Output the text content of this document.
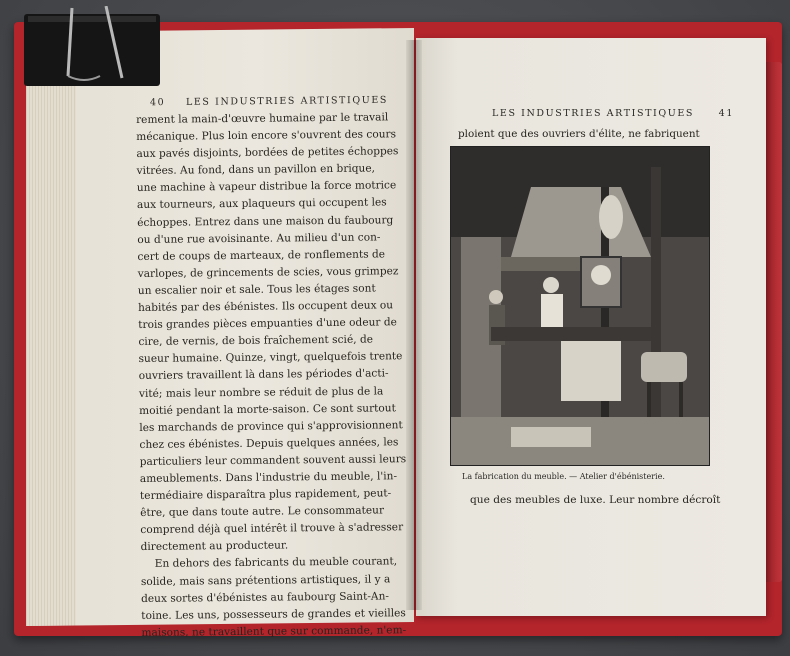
40 LES INDUSTRIES ARTISTIQUES
rement la main-d'œuvre humaine par le travail
mécanique. Plus loin encore s'ouvrent des cours
aux pavés disjoints, bordées de petites échoppes
vitrées. Au fond, dans un pavillon en brique,
une machine à vapeur distribue la force motrice
aux tourneurs, aux plaqueurs qui occupent les
échoppes. Entrez dans une maison du faubourg
ou d'une rue avoisinante. Au milieu d'un con-
cert de coups de marteaux, de ronflements de
varlopes, de grincements de scies, vous grimpez
un escalier noir et sale. Tous les étages sont
habités par des ébénistes. Ils occupent deux ou
trois grandes pièces empuanties d'une odeur de
cire, de vernis, de bois fraîchement scié, de
sueur humaine. Quinze, vingt, quelquefois trente
ouvriers travaillent là dans les périodes d'acti-
vité; mais leur nombre se réduit de plus de la
moitié pendant la morte-saison. Ce sont surtout
les marchands de province qui s'approvisionnent
chez ces ébénistes. Depuis quelques années, les
particuliers leur commandent souvent aussi leurs
ameublements. Dans l'industrie du meuble, l'in-
termédiaire disparaîtra plus rapidement, peut-
être, que dans toute autre. Le consommateur
comprend déjà quel intérêt il trouve à s'adresser
directement au producteur.
En dehors des fabricants du meuble courant,
solide, mais sans prétentions artistiques, il y a
deux sortes d'ébénistes au faubourg Saint-An-
toine. Les uns, possesseurs de grandes et vieilles
maisons, ne travaillent que sur commande, n'em-
LES INDUSTRIES ARTISTIQUES	41
ploient que des ouvriers d'élite, ne fabriquent
La fabrication du meuble. — Atelier d'ébénisterie.
que des meubles de luxe. Leur nombre décroît
